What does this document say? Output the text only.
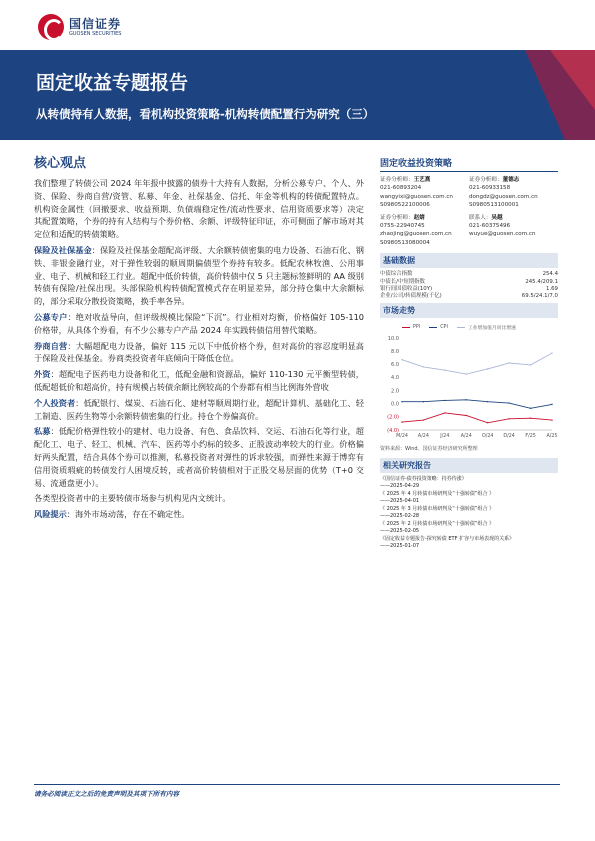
国信证券
GUOSEN SECURITIES
固定收益专题报告
从转债持有人数据，看机构投资策略-机构转债配置行为研究（三）
核心观点

我们整理了转债公司 2024 年年报中披露的债券十大持有人数据，分析公募专户、个人、外资、保险、券商自营/资管、私募、年金、社保基金、信托、年金等机构的转债配置特点。机构资金属性（回撤要求、收益预期、负债端稳定性/流动性要求、信用资质要求等）决定其配置策略，个券的持有人结构与个券价格、余额、评级特征印证，亦可侧面了解市场对其定位和适配的转债策略。

保险及社保基金：保险及社保基金超配高评级、大余额转债密集的电力设备、石油石化、钢铁、非银金融行业，对于弹性较弱的顺周期偏债型个券持有较多。低配农林牧渔、公用事业、电子、机械和轻工行业。超配中低价转债，高价转债中仅 5 只主题标签鲜明的 AA 级别转债有保险/社保出现。头部保险机构转债配置模式存在明显差异，部分持仓集中大余额标的，部分采取分散投资策略，换手率各异。

公募专户：绝对收益导向，但评级规模比保险“下沉”。行业相对均衡，价格偏好 105-110 价格带，从具体个券看，有不少公募专户产品 2024 年实践转债信用替代策略。

券商自营：大幅超配电力设备，偏好 115 元以下中低价格个券，但对高价的容忍度明显高于保险及社保基金。券商类投资者年底倾向于降低仓位。

外资：超配电子医药电力设备和化工，低配金融和资源品，偏好 110-130 元平衡型转债，低配超低价和超高价，持有规模占转债余额比例较高的个券都有相当比例海外营收

个人投资者：低配银行、煤炭、石油石化、建材等顺周期行业，超配计算机、基础化工、轻工制造、医药生物等小余额转债密集的行业。持仓个券偏高价。

私募：低配价格弹性较小的建材、电力设备、有色、食品饮料、交运、石油石化等行业，超配化工、电子、轻工、机械、汽车、医药等小约标的较多、正股波动率较大的行业。价格偏好两头配置，结合具体个券可以推测，私募投资者对弹性的诉求较强，而弹性来源于博弈有信用资质瑕疵的转债发行人困境反转，或者高价转债相对于正股交易层面的优势（T+0 交易、流通盘更小）。

各类型投资者中的主要转债市场参与机构见内文统计。

风险提示：海外市场动荡，存在不确定性。

固定收益投资策略
证券分析师：王艺熹
021-60893204
wangyixi@guosen.com.cn
S0980522100006
证券分析师：董德志
021-60933158
dongdz@guosen.com.cn
S0980513100001
证券分析师：赵婧
0755-22940745
zhaojing@guosen.com.cn
S0980513080004
联系人：吴越
021-60375496
wuyue@guosen.com.cn
基础数据
中债综合指数	254.4
中债长/中短期指数	245.4/209.1
银行间国债收益(10Y)	1.69
企业/公司/转债规模(千亿)	69.5/24.1/7.0
市场走势
10.0
8.0
6.0
4.0
2.0
0.0
(2.0)
(4.0)
M/24 A/24 J/24 A/24 O/24 D/24 F/25 A/25
PPI	CPI	工业增加值月同比增速
资料来源：Wind、国信证券经济研究所整理
相关研究报告
《国信证券-债券投资策略：持券待涨》
——2025-04-29
《 2025 年 4 月转债市场研判及“十强转债”组合 》
——2025-04-01
《 2025 年 3 月转债市场研判及“十强转债”组合 》
——2025-02-28
《 2025 年 2 月转债市场研判及“十强转债”组合 》
——2025-02-05
《固定收益专题报告-探究转债 ETF 扩容与市场表现的关系》
——2025-01-07
请务必阅读正文之后的免责声明及其项下所有内容
